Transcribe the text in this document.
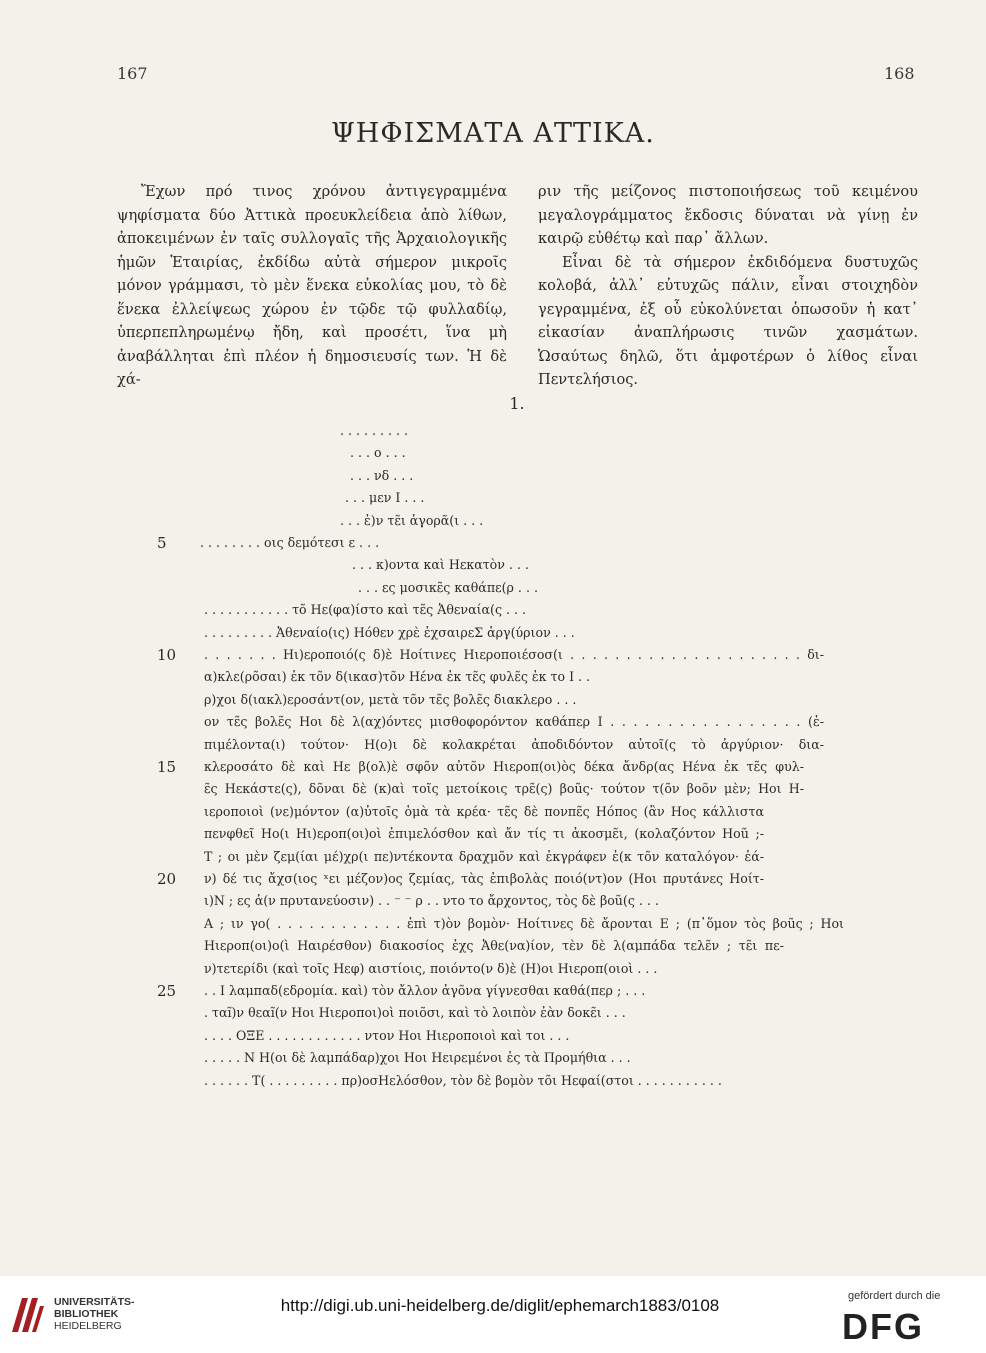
167	168
ΨΗΦΙΣΜΑΤΑ ΑΤΤΙΚΑ.

Ἔχων πρό τινος χρόνου ἀντιγεγραμμένα ψηφίσματα δύο Ἀττικὰ προευκλείδεια ἀπὸ λίθων, ἀποκειμένων ἐν ταῖς συλλογαῖς τῆς Ἀρχαιολογικῆς ἡμῶν Ἑταιρίας, ἐκδίδω αὐτὰ σήμερον μικροῖς μόνον γράμμασι, τὸ μὲν ἕνεκα εὐκολίας μου, τὸ δὲ ἕνεκα ἐλλείψεως χώρου ἐν τῷδε τῷ φυλλαδίῳ, ὑπερπεπληρωμένῳ ἤδη, καὶ προσέτι, ἵνα μὴ ἀναβάλληται ἐπὶ πλέον ἡ δημοσιευσίς των. Ἡ δὲ χά-

ριν τῆς μείζονος πιστοποιήσεως τοῦ κειμένου μεγαλογράμματος ἔκδοσις δύναται νὰ γίνῃ ἐν καιρῷ εὐθέτῳ καὶ παρ᾽ ἄλλων.

Εἶναι δὲ τὰ σήμερον ἐκδιδόμενα δυστυχῶς κολοβά, ἀλλ᾽ εὐτυχῶς πάλιν, εἶναι στοιχηδὸν γεγραμμένα, ἐξ οὗ εὐκολύνεται ὁπωσοῦν ἡ κατ᾽ εἰκασίαν ἀναπλήρωσις τινῶν χασμάτων. Ὡσαύτως δηλῶ, ὅτι ἀμφοτέρων ὁ λίθος εἶναι Πεντελήσιος.

1.
. . . . . . . . .
. . . ο . . .
. . . νδ . . .
. . . μεν Ι . . .
. . . ἐ)ν τε̃ι ἀγορᾶ(ι . . .
. . . . . . . . οις δεμότεσι ε . . .
. . . κ)οντα καὶ Ηεκατὸν . . .
. . . ες μοσικε̃ς καθάπε(ρ . . .
. . . . . . . . . . . τõ Ηε(φα)ίστο καὶ τε̃ς Ἀθεναία(ς . . .
. . . . . . . . . Ἀθεναίο(ις) Ηόθεν χρὲ ἐχσαιρεΣ ἀργ(ύριον . . .
. . . . . . . Ηι)εροποιό(ς δ)ὲ Ηοίτινες Ηιεροποιέσοσ(ι . . . . . . . . . . . . . . . . . . . . . δι-
α)κλε(ρõσαι) ἐκ τõν δ(ικασ)τõν Ηένα ἐκ τε̃ς φυλε̃ς ἐκ το Ι . .
ρ)χοι δ(ιακλ)εροσάντ(ον, μετὰ τõν τε̃ς βολε̃ς διακλερο . . .
ον τε̃ς βολε̃ς Ηοι δὲ λ(αχ)όντες μισθοφορόντον καθάπερ Ι . . . . . . . . . . . . . . . . . (ἐ-
πιμέλοντα(ι) τούτον· Η(ο)ι δὲ κολακρέται ἀποδιδόντον αὐτοῖ(ς τὸ ἀργύριον· δια-
κλεροσάτο δὲ καὶ Ηε β(ολ)ὲ σφõν αὐτõν Ηιεροπ(οι)ὸς δέκα ἄνδρ(ας Ηένα ἐκ τε̃ς φυλ-
ε̃ς Ηεκάστε(ς), δõναι δὲ (κ)αὶ τοῖς μετοίκοις τρε̃(ς) βοũς· τούτον τ(õν βοõν μὲν; Ηοι Η-
ιεροποιοὶ (νε)μόντον (α)ὐτοῖς ὁμὰ τὰ κρέα· τε̃ς δὲ πονπε̃ς Ηόπος (ἂν Ηος κάλλιστα
πενφθεῖ Ηο(ι Ηι)εροπ(οι)οὶ ἐπιμελόσθον καὶ ἄν τίς τι ἀκοσμε̃ι, (κολαζόντον Ηοũ ;-
Τ ; οι μὲν ζεμ(ίαι μέ)χρ(ι πε)ντέκοντα δραχμõν καὶ ἐκγράφεν ἐ(κ τõν καταλόγον· ἐά-
ν) δέ τις ἄχσ(ιος ˣει μέζον)ος ζεμίας, τὰς ἐπιβολὰς ποιό(ντ)ον (Ηοι πρυτάνες Ηοίτ-
ι)Ν ; ες ἀ(ν πρυτανεύοσιν) . . ⁻ ⁻ ρ . . ντο το ἄρχοντος, τὸς δὲ βοũ(ς . . .
Α ; ιν γο( . . . . . . . . . . . . ἐπὶ τ)ὸν βομὸν· Ηοίτινες δὲ ἄρονται Ε ; (π᾽ὅμον τὸς βοũς ; Ηοι
Ηιεροπ(οι)ο(ὶ Ηαιρέσθον) διακοσίος ἐχς Ἀθε(να)ίον, τὲν δὲ λ(αμπάδα τελε̃ν ; τε̃ι πε-
ν)τετερίδι (καὶ τοῖς Ηεφ) αιστίοις, ποιόντο(ν δ)ὲ (Η)οι Ηιεροπ(οιοὶ . . .
. . Ι λαμπαδ(εδρομία. καὶ) τὸν ἄλλον ἀγõνα γίγνεσθαι καθά(περ ; . . .
. ταĩ)ν θεαĩ(ν Ηοι Ηιεροποι)οὶ ποιõσι, καὶ τὸ λοιπὸν ἐὰν δοκε̃ι . . .
. . . . ΟΞΕ . . . . . . . . . . . . ντον Ηοι Ηιεροποιοὶ καὶ τοι . . .
. . . . . Ν Η(οι δὲ λαμπάδαρ)χοι Ηοι Ηειρεμένοι ἐς τὰ Προμήθια . . .
. . . . . . Τ( . . . . . . . . . πρ)οσΗελόσθον, τὸν δὲ βομὸν τõι Ηεφαί(στοι . . . . . . . . . . .
5
10
15
20
25
UNIVERSITÄTS-
BIBLIOTHEK
HEIDELBERG
http://digi.ub.uni-heidelberg.de/diglit/ephemarch1883/0108	gefördert durch die
DFG
